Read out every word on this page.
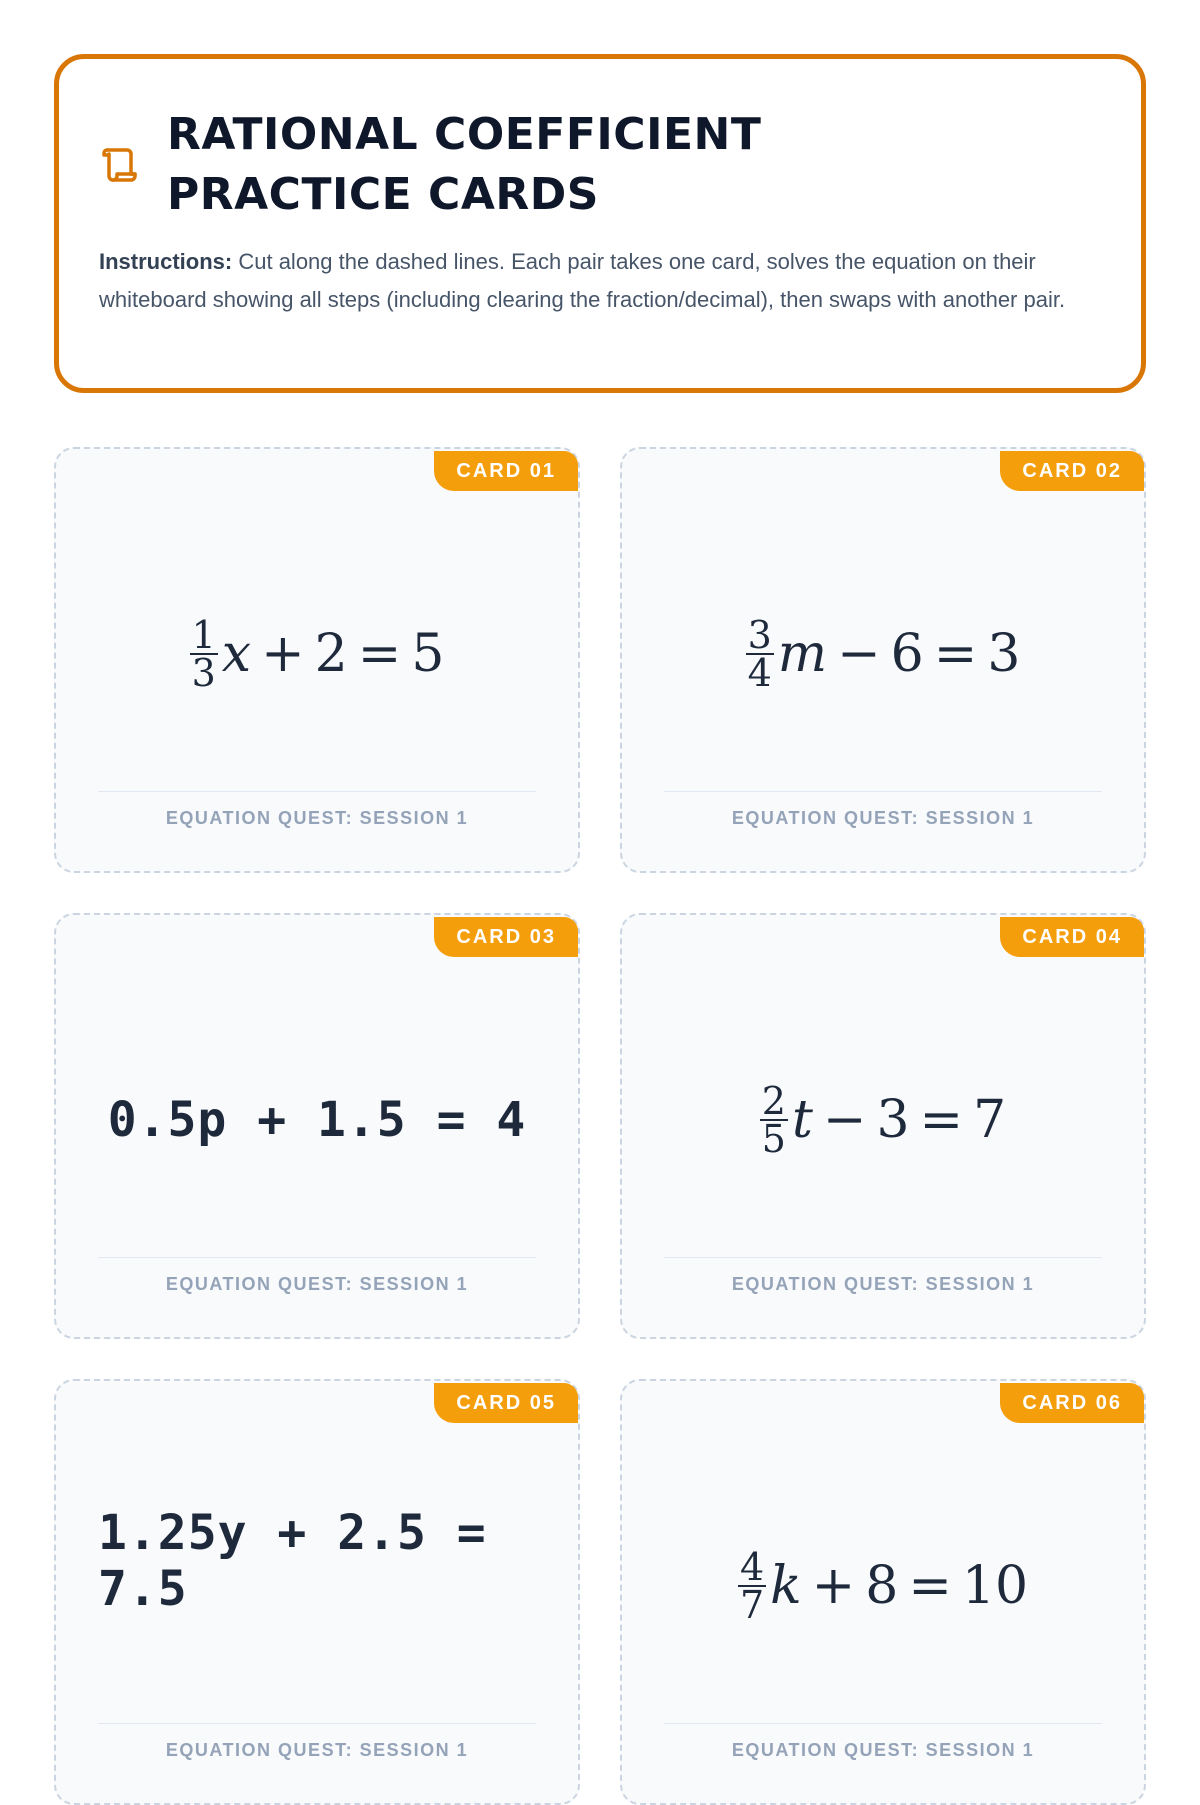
RATIONAL COEFFICIENT PRACTICE CARDS

Instructions: Cut along the dashed lines. Each pair takes one card, solves the equation on their whiteboard showing all steps (including clearing the fraction/decimal), then swaps with another pair.

CARD 01
$\frac{1}{3}$ x + 2 = 5
EQUATION QUEST: SESSION 1
CARD 02
$\frac{3}{4}$ m − 6 = 3
EQUATION QUEST: SESSION 1
CARD 03
0.5p + 1.5 = 4
EQUATION QUEST: SESSION 1
CARD 04
$\frac{2}{5}$ t − 3 = 7
EQUATION QUEST: SESSION 1
CARD 05
1.25y + 2.5 = 7.5
EQUATION QUEST: SESSION 1
CARD 06
$\frac{4}{7}$ k + 8 = 10
EQUATION QUEST: SESSION 1
